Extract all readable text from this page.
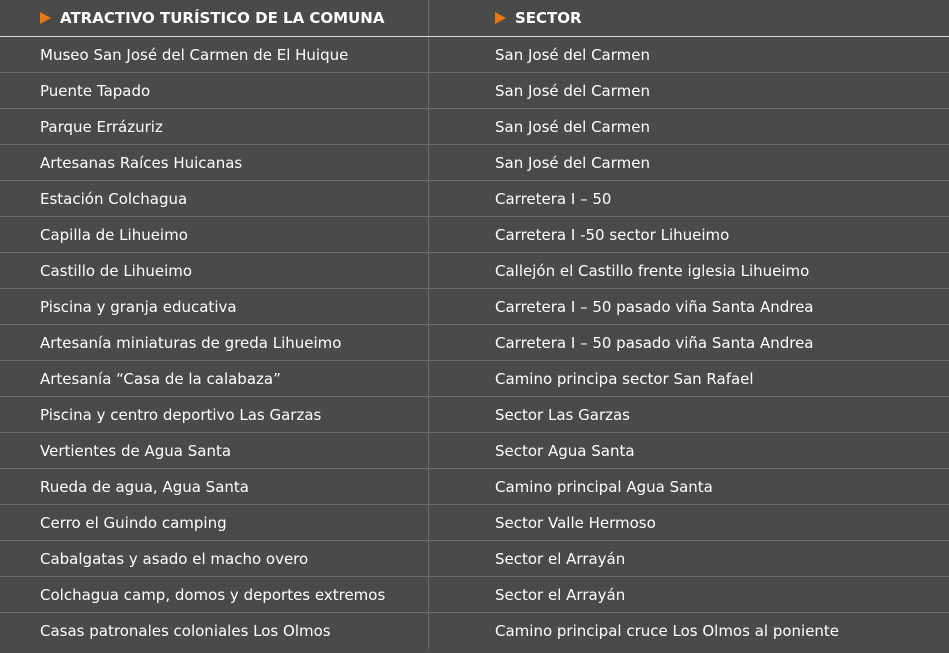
ATRACTIVO TURÍSTICO DE LA COMUNA	SECTOR
Museo San José del Carmen de El Huique	San José del Carmen
Puente Tapado	San José del Carmen
Parque Errázuriz	San José del Carmen
Artesanas Raíces Huicanas	San José del Carmen
Estación Colchagua	Carretera I – 50
Capilla de Lihueimo	Carretera I -50 sector Lihueimo
Castillo de Lihueimo	Callejón el Castillo frente iglesia Lihueimo
Piscina y granja educativa	Carretera I – 50 pasado viña Santa Andrea
Artesanía miniaturas de greda Lihueimo	Carretera I – 50 pasado viña Santa Andrea
Artesanía “Casa de la calabaza”	Camino principa sector San Rafael
Piscina y centro deportivo Las Garzas	Sector Las Garzas
Vertientes de Agua Santa	Sector Agua Santa
Rueda de agua, Agua Santa	Camino principal Agua Santa
Cerro el Guindo camping	Sector Valle Hermoso
Cabalgatas y asado el macho overo	Sector el Arrayán
Colchagua camp, domos y deportes extremos	Sector el Arrayán
Casas patronales coloniales Los Olmos	Camino principal cruce Los Olmos al poniente
